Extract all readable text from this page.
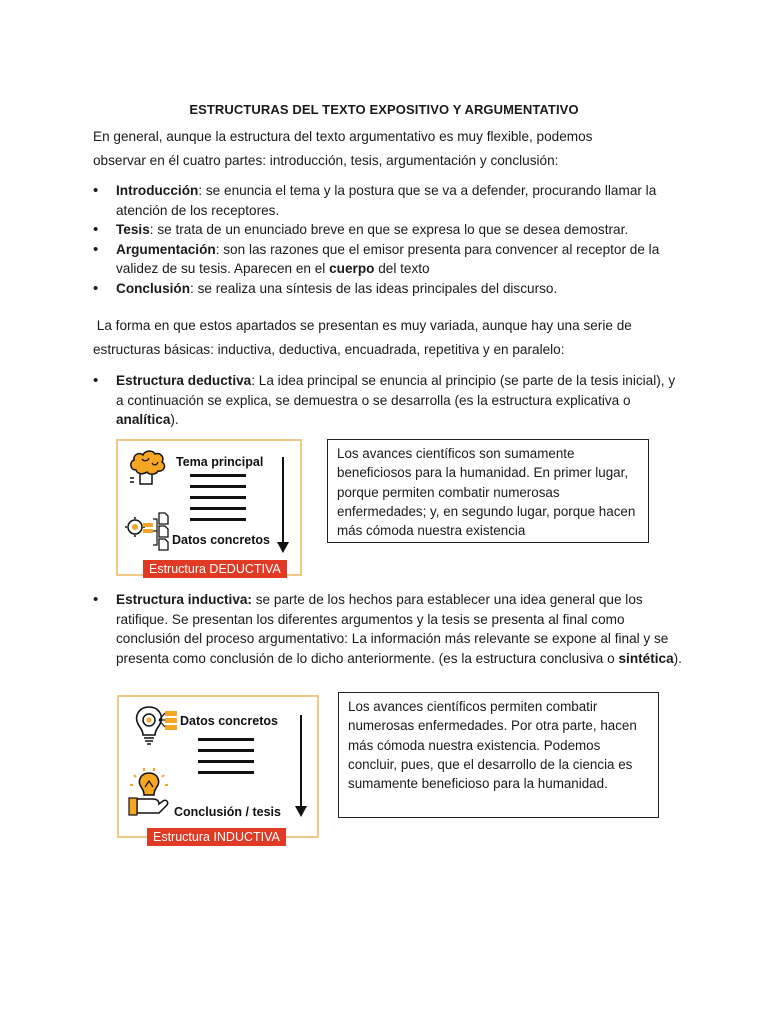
ESTRUCTURAS DEL TEXTO EXPOSITIVO Y ARGUMENTATIVO
En general, aunque la estructura del texto argumentativo es muy flexible, podemos
observar en él cuatro partes: introducción, tesis, argumentación y conclusión:
• Introducción: se enuncia el tema y la postura que se va a defender, procurando llamar la atención de los receptores.
• Tesis: se trata de un enunciado breve en que se expresa lo que se desea demostrar.
• Argumentación: son las razones que el emisor presenta para convencer al receptor de la validez de su tesis. Aparecen en el cuerpo del texto
• Conclusión: se realiza una síntesis de las ideas principales del discurso.
La forma en que estos apartados se presentan es muy variada, aunque hay una serie de
estructuras básicas: inductiva, deductiva, encuadrada, repetitiva y en paralelo:
• Estructura deductiva: La idea principal se enuncia al principio (se parte de la tesis inicial), y a continuación se explica, se demuestra o se desarrolla (es la estructura explicativa o analítica).
Tema principal
Datos concretos
Estructura DEDUCTIVA
Los avances científicos son sumamente beneficiosos para la humanidad. En primer lugar, porque permiten combatir numerosas enfermedades; y, en segundo lugar, porque hacen más cómoda nuestra existencia
• Estructura inductiva: se parte de los hechos para establecer una idea general que los ratifique. Se presentan los diferentes argumentos y la tesis se presenta al final como conclusión del proceso argumentativo: La información más relevante se expone al final y se presenta como conclusión de lo dicho anteriormente. (es la estructura conclusiva o sintética).
Datos concretos
Conclusión / tesis
Estructura INDUCTIVA
Los avances científicos permiten combatir numerosas enfermedades. Por otra parte, hacen más cómoda nuestra existencia. Podemos concluir, pues, que el desarrollo de la ciencia es sumamente beneficioso para la humanidad.
